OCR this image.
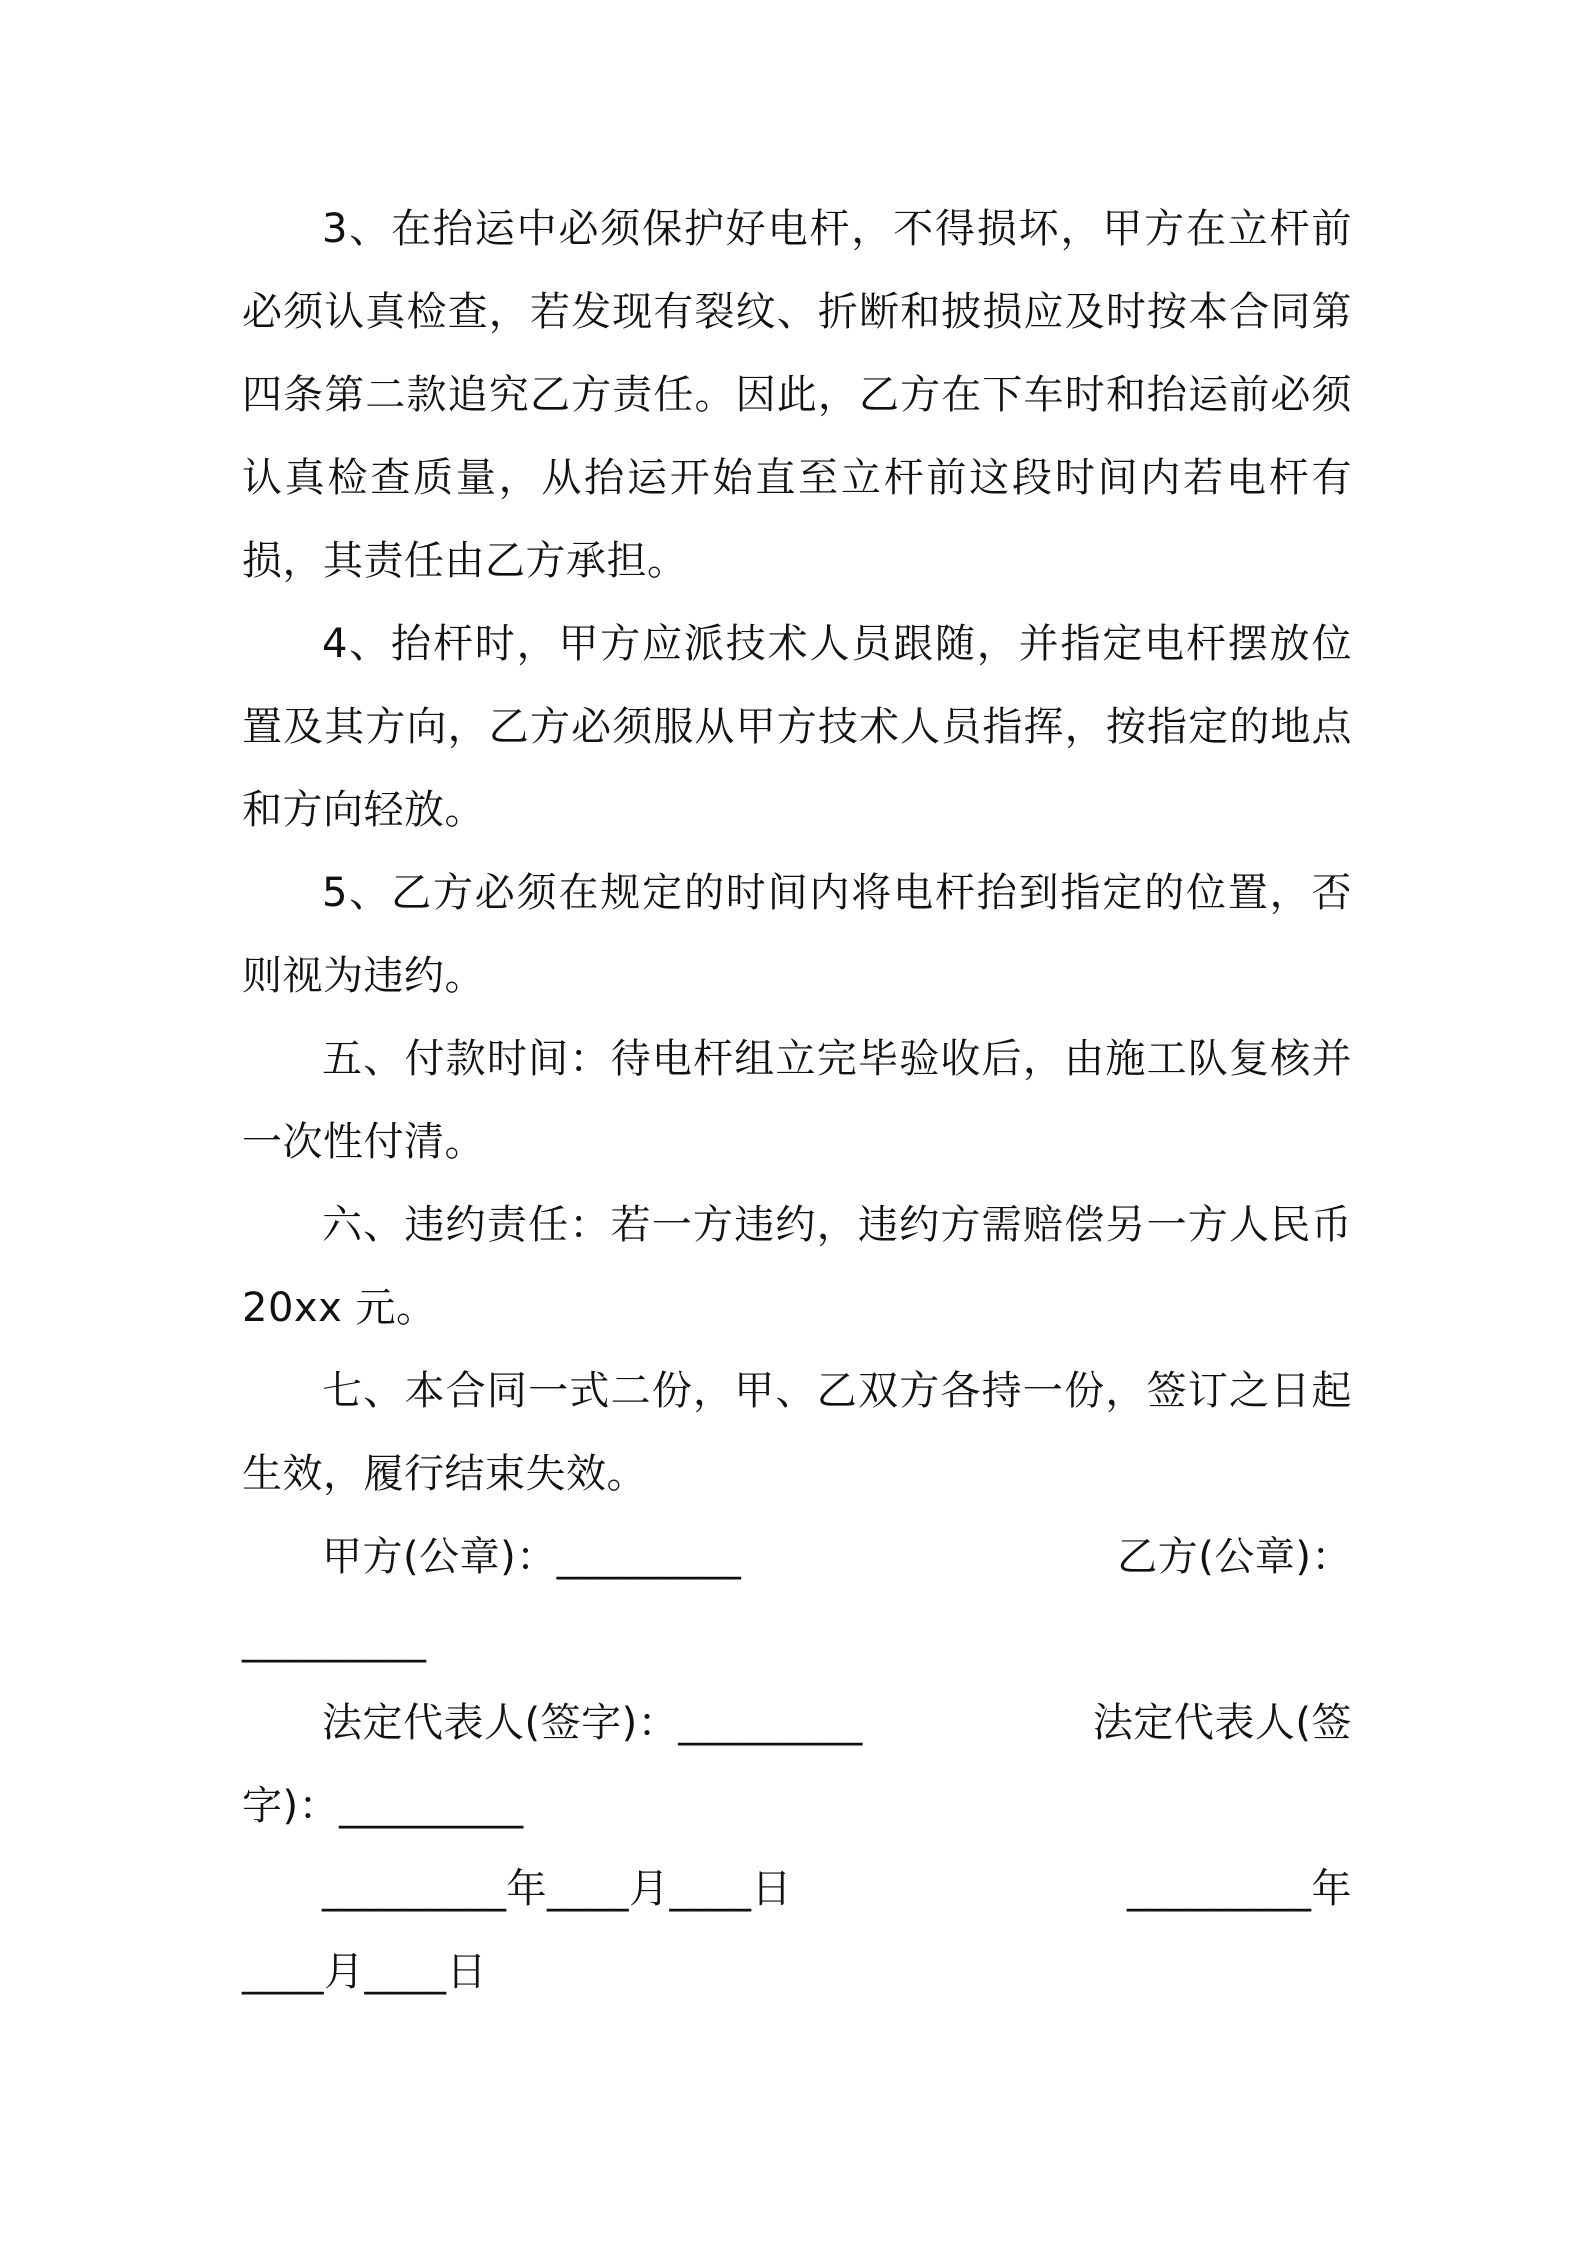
3、在抬运中必须保护好电杆，不得损坏，甲方在立杆前必须认真检查，若发现有裂纹、折断和披损应及时按本合同第四条第二款追究乙方责任。因此，乙方在下车时和抬运前必须认真检查质量，从抬运开始直至立杆前这段时间内若电杆有损，其责任由乙方承担。

4、抬杆时，甲方应派技术人员跟随，并指定电杆摆放位置及其方向，乙方必须服从甲方技术人员指挥，按指定的地点和方向轻放。

5、乙方必须在规定的时间内将电杆抬到指定的位置，否则视为违约。

五、付款时间：待电杆组立完毕验收后，由施工队复核并一次性付清。

六、违约责任：若一方违约，违约方需赔偿另一方人民币20xx 元。

七、本合同一式二份，甲、乙双方各持一份，签订之日起生效，履行结束失效。

甲方(公章)：_________	乙方(公章)：

_________

法定代表人(签字)：_________	法定代表人(签

字)：_________

_________年____月____日	_________年

____月____日
